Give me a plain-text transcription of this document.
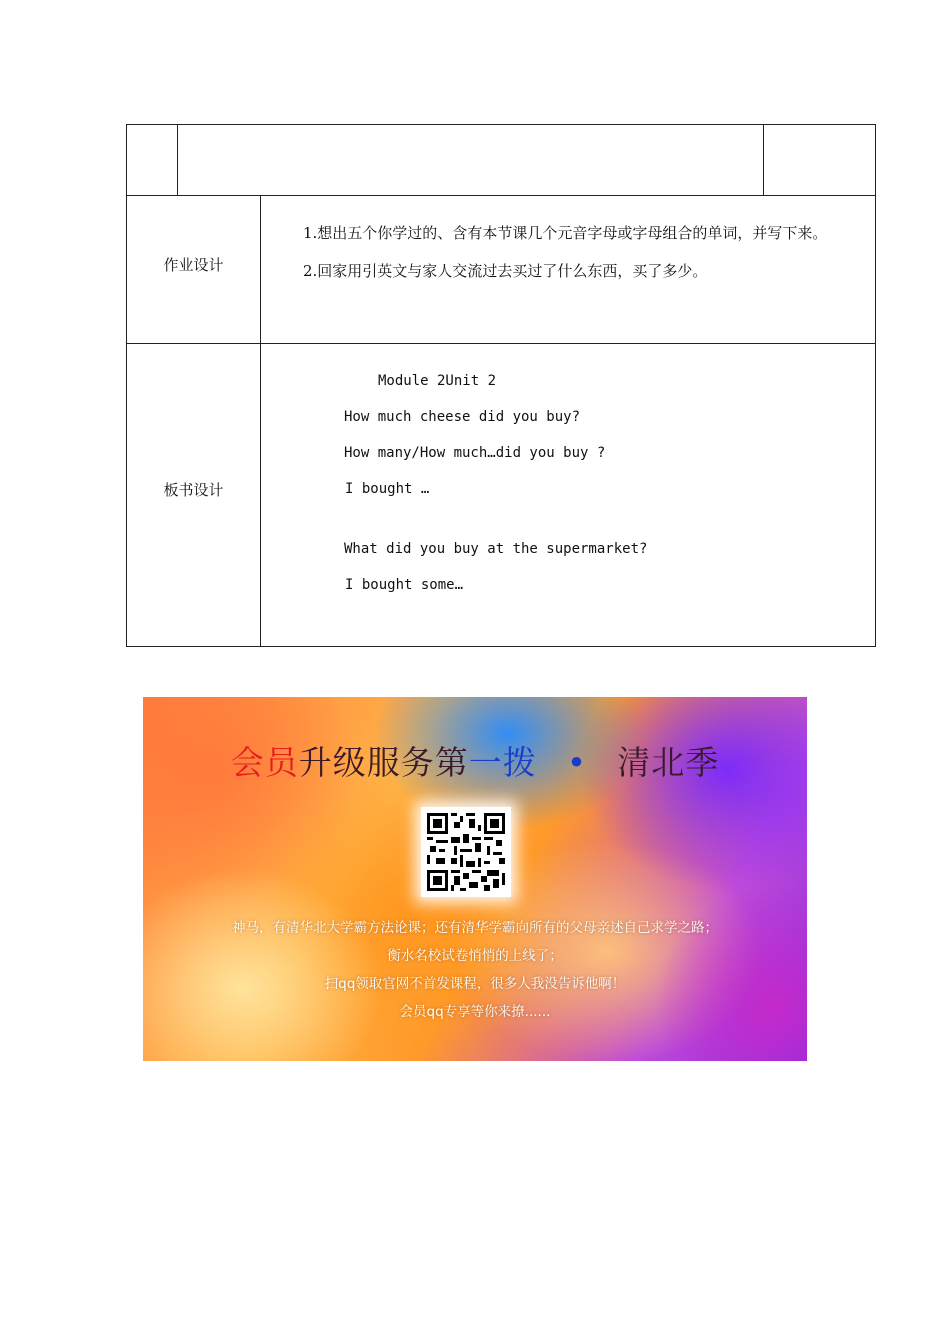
作业设计

1.想出五个你学过的、含有本节课几个元音字母或字母组合的单词，并写下来。

2.回家用引英文与家人交流过去买过了什么东西，买了多少。

板书设计
Module 2Unit 2
How much cheese did you buy?
How many/How much…did you buy ?
I bought …
What did you buy at the supermarket?
I bought some…
会员升级服务第一拨 • 清北季
神马，有清华北大学霸方法论课；还有清华学霸向所有的父母亲述自己求学之路；
衡水名校试卷悄悄的上线了；
扫qq领取官网不首发课程，很多人我没告诉他啊！
会员qq专享等你来撩......
